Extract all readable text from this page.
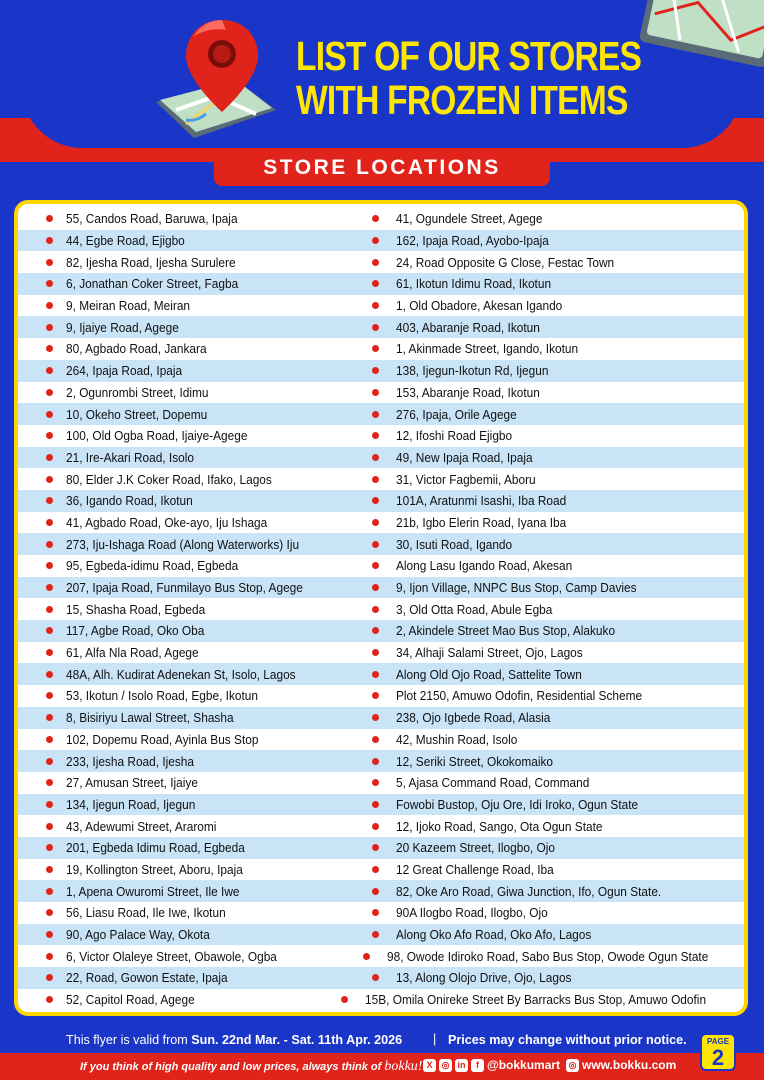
LIST OF OUR STORES
WITH FROZEN ITEMS
STORE LOCATIONS
55, Candos Road, Baruwa, Ipaja	41, Ogundele Street, Agege
44, Egbe Road, Ejigbo	162, Ipaja Road, Ayobo-Ipaja
82, Ijesha Road, Ijesha Surulere	24, Road Opposite G Close, Festac Town
6, Jonathan Coker Street, Fagba	61, Ikotun Idimu Road, Ikotun
9, Meiran Road, Meiran	1, Old Obadore, Akesan Igando
9, Ijaiye Road, Agege	403, Abaranje Road, Ikotun
80, Agbado Road, Jankara	1, Akinmade Street, Igando, Ikotun
264, Ipaja Road, Ipaja	138, Ijegun-Ikotun Rd, Ijegun
2, Ogunrombi Street, Idimu	153, Abaranje Road, Ikotun
10, Okeho Street, Dopemu	276, Ipaja, Orile Agege
100, Old Ogba Road, Ijaiye-Agege	12, Ifoshi Road Ejigbo
21, Ire-Akari Road, Isolo	49, New Ipaja Road, Ipaja
80, Elder J.K Coker Road, Ifako, Lagos	31, Victor Fagbemii, Aboru
36, Igando Road, Ikotun	101A, Aratunmi Isashi, Iba Road
41, Agbado Road, Oke-ayo, Iju Ishaga	21b, Igbo Elerin Road, Iyana Iba
273, Iju-Ishaga Road (Along Waterworks) Iju	30, Isuti Road, Igando
95, Egbeda-idimu Road, Egbeda	Along Lasu Igando Road, Akesan
207, Ipaja Road, Funmilayo Bus Stop, Agege	9, Ijon Village, NNPC Bus Stop, Camp Davies
15, Shasha Road, Egbeda	3, Old Otta Road, Abule Egba
117, Agbe Road, Oko Oba	2, Akindele Street Mao Bus Stop, Alakuko
61, Alfa Nla Road, Agege	34, Alhaji Salami Street, Ojo, Lagos
48A, Alh. Kudirat Adenekan St, Isolo, Lagos	Along Old Ojo Road, Sattelite Town
53, Ikotun / Isolo Road, Egbe, Ikotun	Plot 2150, Amuwo Odofin, Residential Scheme
8, Bisiriyu Lawal Street, Shasha	238, Ojo Igbede Road, Alasia
102, Dopemu Road, Ayinla Bus Stop	42, Mushin Road, Isolo
233, Ijesha Road, Ijesha	12, Seriki Street, Okokomaiko
27, Amusan Street, Ijaiye	5, Ajasa Command Road, Command
134, Ijegun Road, Ijegun	Fowobi Bustop, Oju Ore, Idi Iroko, Ogun State
43, Adewumi Street, Araromi	12, Ijoko Road, Sango, Ota Ogun State
201, Egbeda Idimu Road, Egbeda	20 Kazeem Street, Ilogbo, Ojo
19, Kollington Street, Aboru, Ipaja	12 Great Challenge Road, Iba
1, Apena Owuromi Street, Ile Iwe	82, Oke Aro Road, Giwa Junction, Ifo, Ogun State.
56, Liasu Road, Ile Iwe, Ikotun	90A Ilogbo Road, Ilogbo, Ojo
90, Ago Palace Way, Okota	Along Oko Afo Road, Oko Afo, Lagos
6, Victor Olaleye Street, Obawole, Ogba	98, Owode Idiroko Road, Sabo Bus Stop, Owode Ogun State
22, Road, Gowon Estate, Ipaja	13, Along Olojo Drive, Ojo, Lagos
52, Capitol Road, Agege	15B, Omila Onireke Street By Barracks Bus Stop, Amuwo Odofin
This flyer is valid from Sun. 22nd Mar. - Sat. 11th Apr. 2026 | Prices may change without prior notice.
If you think of high quality and low prices, always think of bokku! X	◎ in	f @bokkumart ◎ www.bokku.com
PAGE
2
